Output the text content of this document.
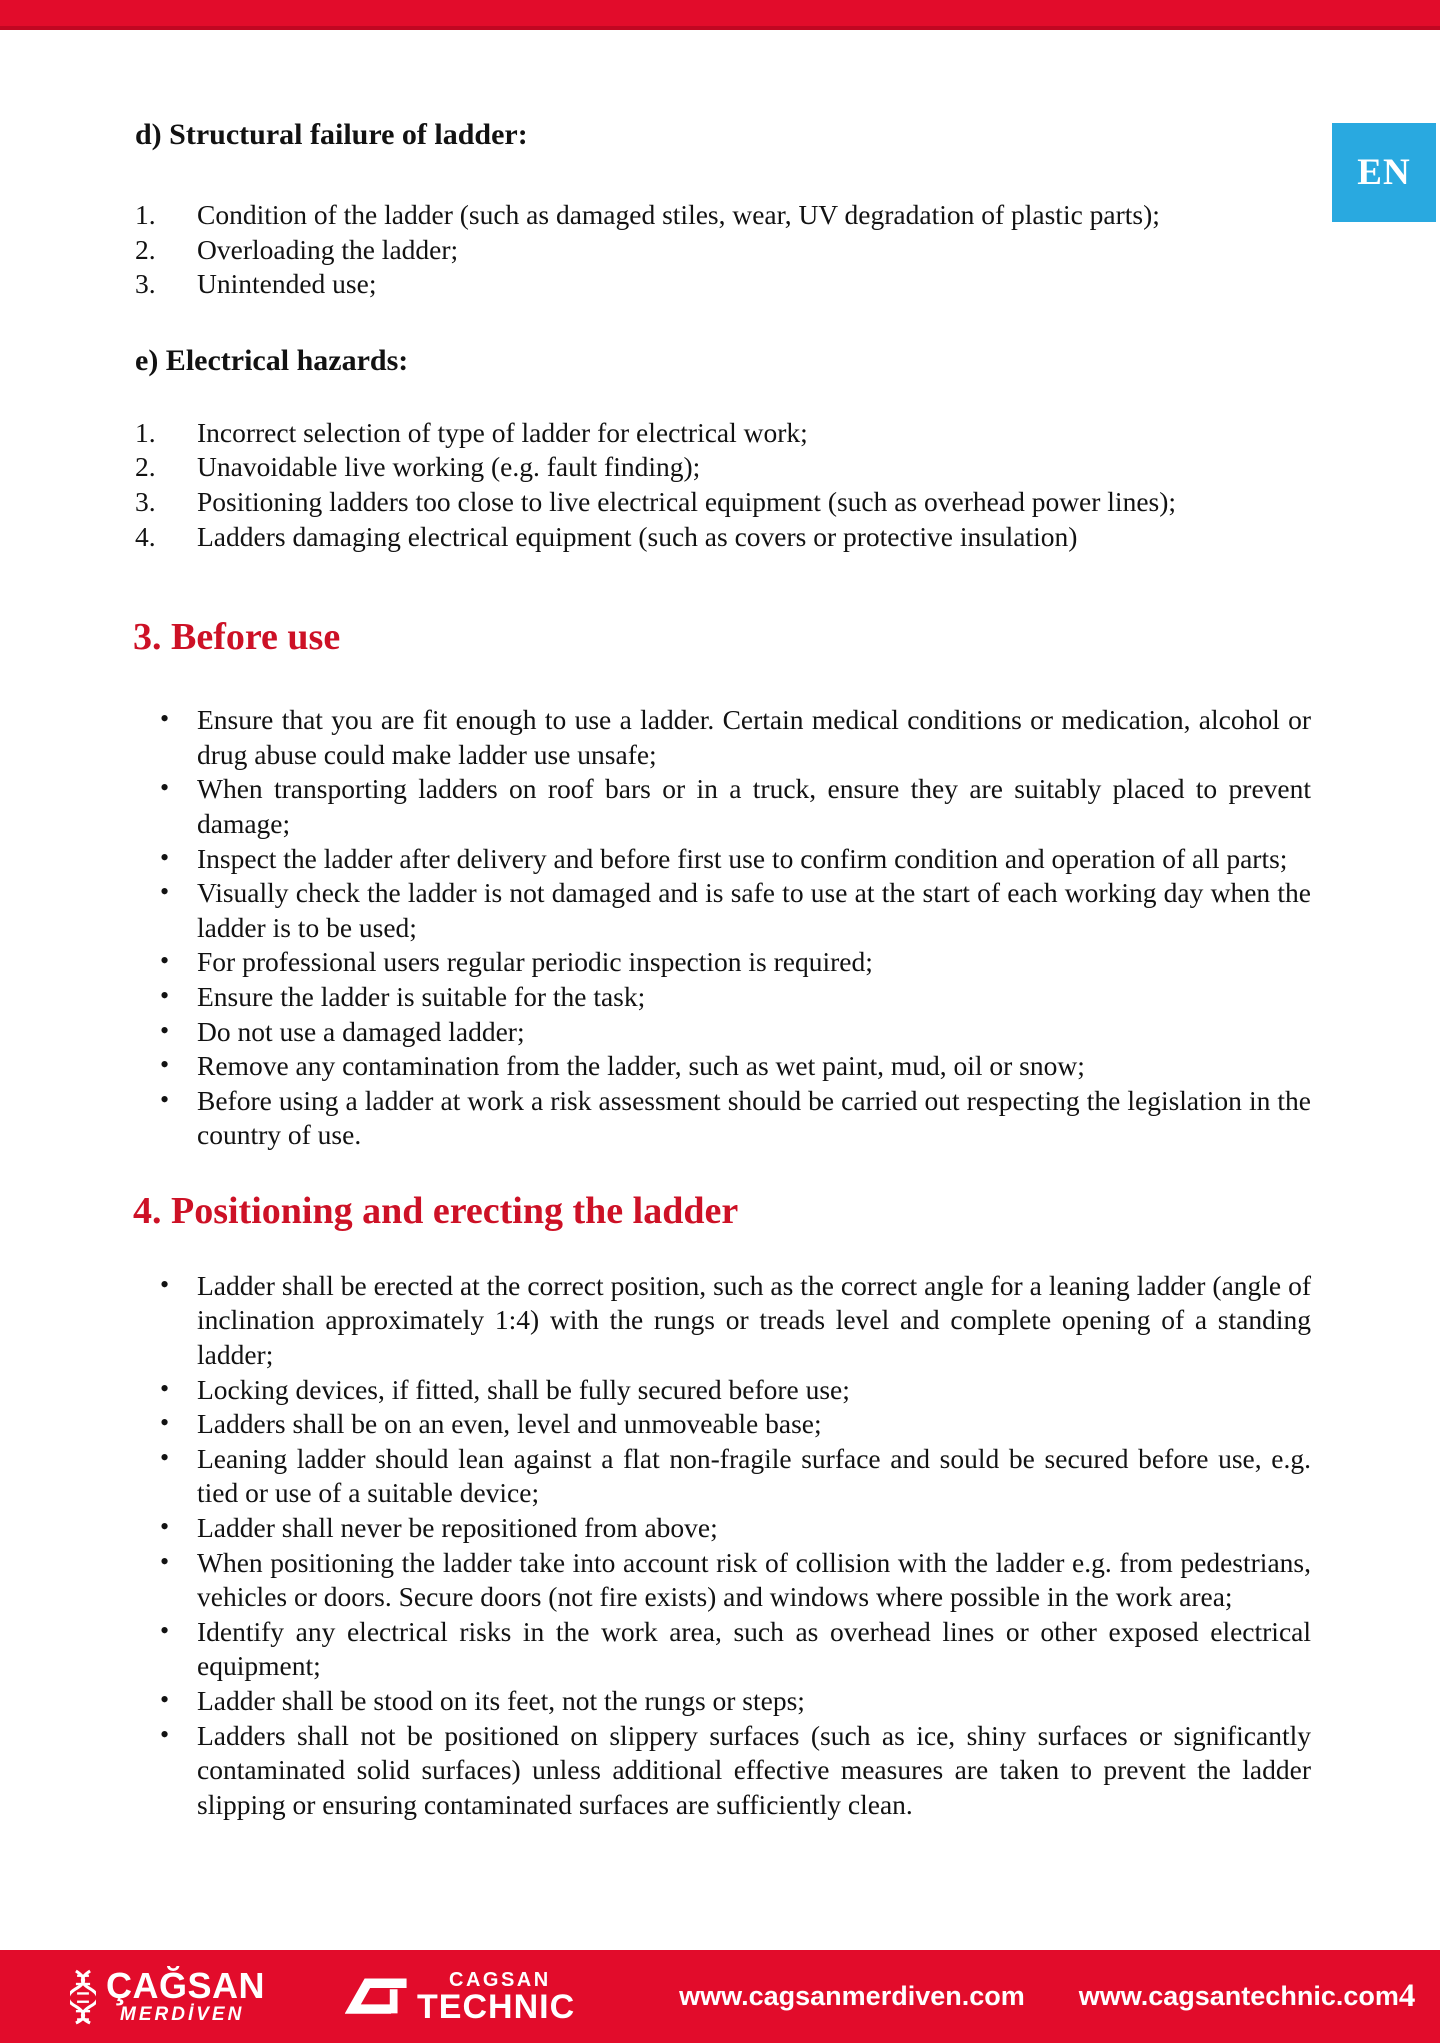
EN
d) Structural failure of ladder:
Condition of the ladder (such as damaged stiles, wear, UV degradation of plastic parts);
Overloading the ladder;
Unintended use;
e) Electrical hazards:
Incorrect selection of type of ladder for electrical work;
Unavoidable live working (e.g. fault finding);
Positioning ladders too close to live electrical equipment (such as overhead power lines);
Ladders damaging electrical equipment (such as covers or protective insulation)
3. Before use
• Ensure that you are fit enough to use a ladder. Certain medical conditions or medication, alcohol or drug abuse could make ladder use unsafe;
• When transporting ladders on roof bars or in a truck, ensure they are suitably placed to prevent damage;
• Inspect the ladder after delivery and before first use to confirm condition and operation of all parts;
• Visually check the ladder is not damaged and is safe to use at the start of each working day when the ladder is to be used;
• For professional users regular periodic inspection is required;
• Ensure the ladder is suitable for the task;
• Do not use a damaged ladder;
• Remove any contamination from the ladder, such as wet paint, mud, oil or snow;
• Before using a ladder at work a risk assessment should be carried out respecting the legislation in the country of use.
4. Positioning and erecting the ladder
• Ladder shall be erected at the correct position, such as the correct angle for a leaning ladder (angle of inclination approximately 1:4) with the rungs or treads level and complete opening of a standing ladder;
• Locking devices, if fitted, shall be fully secured before use;
• Ladders shall be on an even, level and unmoveable base;
• Leaning ladder should lean against a flat non-fragile surface and sould be secured before use, e.g. tied or use of a suitable device;
• Ladder shall never be repositioned from above;
• When positioning the ladder take into account risk of collision with the ladder e.g. from pedestrians, vehicles or doors. Secure doors (not fire exists) and windows where possible in the work area;
• Identify any electrical risks in the work area, such as overhead lines or other exposed electrical equipment;
• Ladder shall be stood on its feet, not the rungs or steps;
• Ladders shall not be positioned on slippery surfaces (such as ice, shiny surfaces or significantly contaminated solid surfaces) unless additional effective measures are taken to prevent the ladder slipping or ensuring contaminated surfaces are sufficiently clean.
ÇAĞSAN
MERDİVEN
CAGSAN
TECHNIC	www.cagsanmerdiven.com www.cagsantechnic.com 4
